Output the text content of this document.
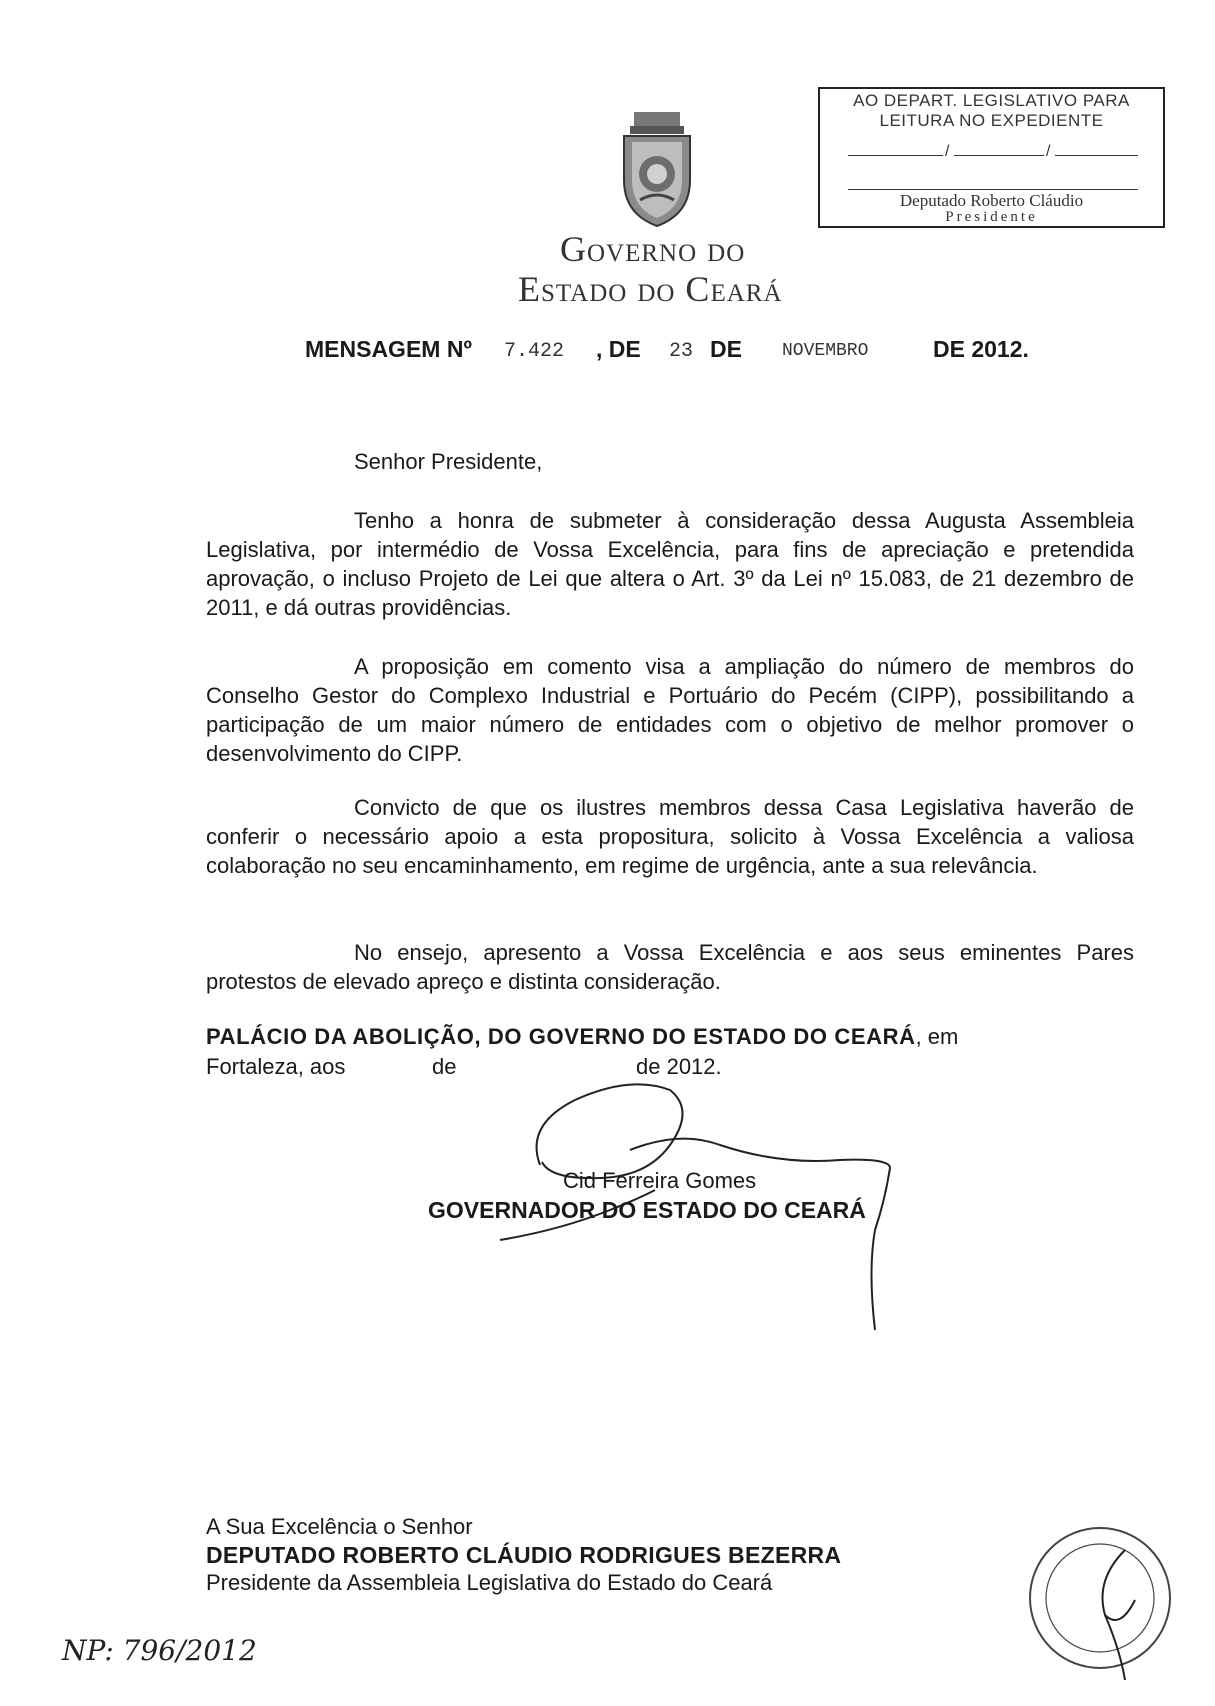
AO DEPART. LEGISLATIVO PARA
LEITURA NO EXPEDIENTE
/	/
Deputado Roberto Cláudio
Presidente
Governo do
Estado do Ceará
MENSAGEM Nº 7.422 , DE 23 DE NOVEMBRO	DE 2012.
Senhor Presidente,
Tenho a honra de submeter à consideração dessa Augusta Assembleia Legislativa, por intermédio de Vossa Excelência, para fins de apreciação e pretendida aprovação, o incluso Projeto de Lei que altera o Art. 3º da Lei nº 15.083, de 21 dezembro de 2011, e dá outras providências.
A proposição em comento visa a ampliação do número de membros do Conselho Gestor do Complexo Industrial e Portuário do Pecém (CIPP), possibilitando a participação de um maior número de entidades com o objetivo de melhor promover o desenvolvimento do CIPP.
Convicto de que os ilustres membros dessa Casa Legislativa haverão de conferir o necessário apoio a esta propositura, solicito à Vossa Excelência a valiosa colaboração no seu encaminhamento, em regime de urgência, ante a sua relevância.
No ensejo, apresento a Vossa Excelência e aos seus eminentes Pares protestos de elevado apreço e distinta consideração.
PALÁCIO DA ABOLIÇÃO, DO GOVERNO DO ESTADO DO CEARÁ, em
Fortaleza, aos	de	de 2012.
Cid Ferreira Gomes
GOVERNADOR DO ESTADO DO CEARÁ
A Sua Excelência o Senhor
DEPUTADO ROBERTO CLÁUDIO RODRIGUES BEZERRA
Presidente da Assembleia Legislativa do Estado do Ceará
NP: 796/2012
